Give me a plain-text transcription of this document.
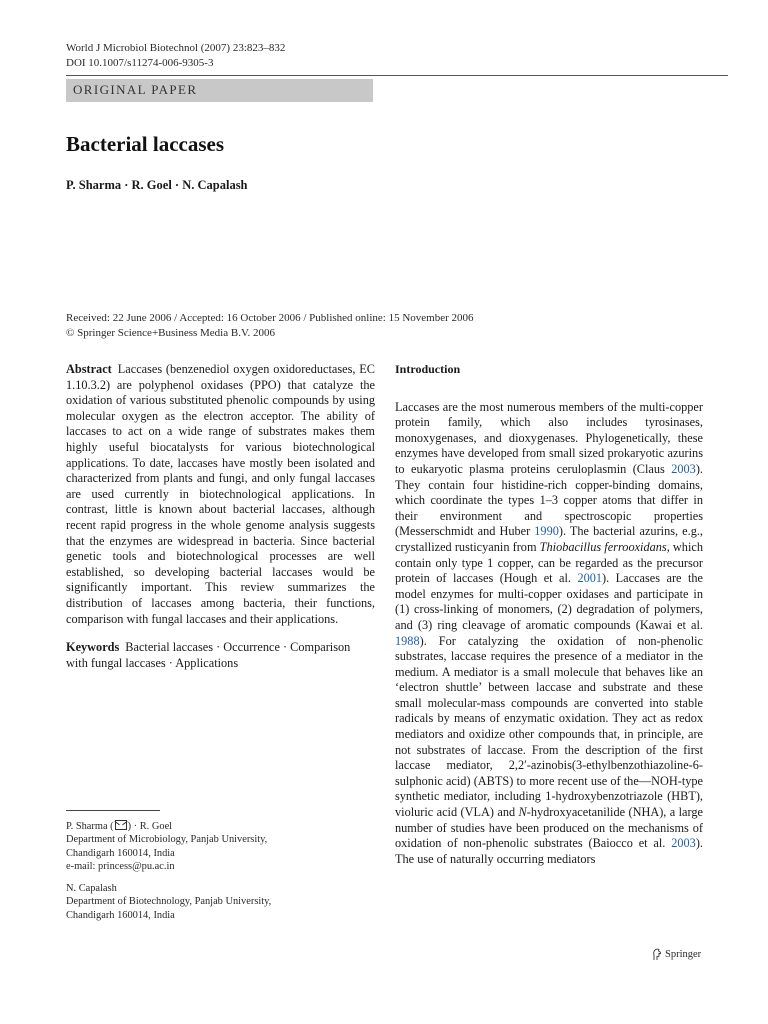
World J Microbiol Biotechnol (2007) 23:823–832
DOI 10.1007/s11274-006-9305-3
ORIGINAL PAPER
Bacterial laccases
P. Sharma · R. Goel · N. Capalash
Received: 22 June 2006 / Accepted: 16 October 2006 / Published online: 15 November 2006
© Springer Science+Business Media B.V. 2006

Abstract Laccases (benzenediol oxygen oxidoreductases, EC 1.10.3.2) are polyphenol oxidases (PPO) that catalyze the oxidation of various substituted phenolic compounds by using molecular oxygen as the electron acceptor. The ability of laccases to act on a wide range of substrates makes them highly useful biocatalysts for various biotechnological applications. To date, laccases have mostly been isolated and characterized from plants and fungi, and only fungal laccases are used currently in biotechnological applications. In contrast, little is known about bacterial laccases, although recent rapid progress in the whole genome analysis suggests that the enzymes are widespread in bacteria. Since bacterial genetic tools and biotechnological processes are well established, so developing bacterial laccases would be significantly important. This review summarizes the distribution of laccases among bacteria, their functions, comparison with fungal laccases and their applications.

Keywords Bacterial laccases · Occurrence · Comparison with fungal laccases · Applications

P. Sharma ( ) · R. Goel
Department of Microbiology, Panjab University,
Chandigarh 160014, India
e-mail: princess@pu.ac.in
N. Capalash
Department of Biotechnology, Panjab University,
Chandigarh 160014, India
Introduction

Laccases are the most numerous members of the multi-copper protein family, which also includes tyrosinases, monoxygenases, and dioxygenases. Phylogenetically, these enzymes have developed from small sized prokaryotic azurins to eukaryotic plasma proteins ceruloplasmin (Claus 2003). They contain four histidine-rich copper-binding domains, which coordinate the types 1–3 copper atoms that differ in their environment and spectroscopic properties (Messerschmidt and Huber 1990). The bacterial azurins, e.g., crystallized rusticyanin from Thiobacillus ferrooxidans, which contain only type 1 copper, can be regarded as the precursor protein of laccases (Hough et al. 2001). Laccases are the model enzymes for multi-copper oxidases and participate in (1) cross-linking of monomers, (2) degradation of polymers, and (3) ring cleavage of aromatic compounds (Kawai et al. 1988). For catalyzing the oxidation of non-phenolic substrates, laccase requires the presence of a mediator in the medium. A mediator is a small molecule that behaves like an ‘electron shuttle’ between laccase and substrate and these small molecular-mass compounds are converted into stable radicals by means of enzymatic oxidation. They act as redox mediators and oxidize other compounds that, in principle, are not substrates of laccase. From the description of the first laccase mediator, 2,2′-azinobis(3-ethylbenzothiazoline-6-sulphonic acid) (ABTS) to more recent use of the—NOH-type synthetic mediator, including 1-hydroxybenzotriazole (HBT), violuric acid (VLA) and N-hydroxyacetanilide (NHA), a large number of studies have been produced on the mechanisms of oxidation of non-phenolic substrates (Baiocco et al. 2003). The use of naturally occurring mediators

Springer
